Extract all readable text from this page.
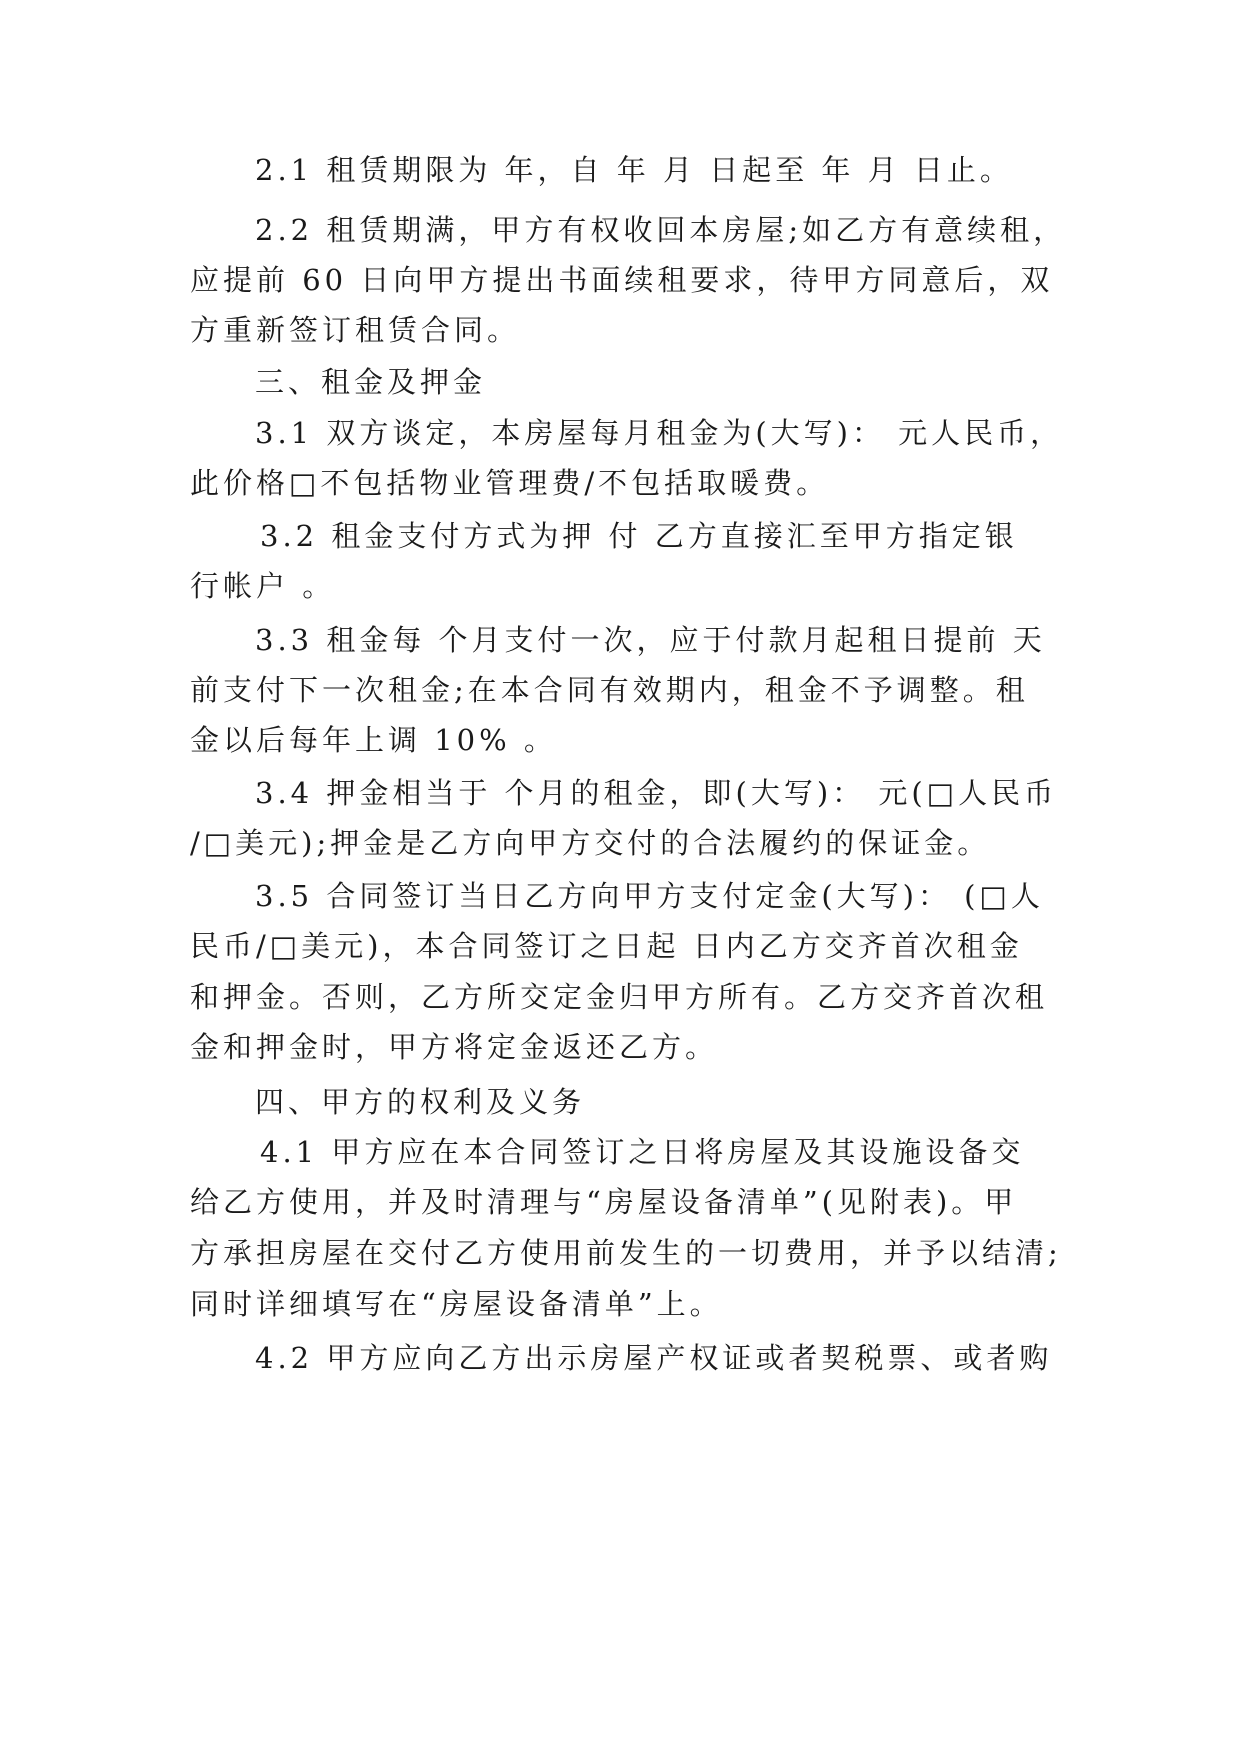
2.1 租赁期限为 年，自 年 月 日起至 年 月 日止。
2.2 租赁期满，甲方有权收回本房屋;如乙方有意续租，
应提前 60 日向甲方提出书面续租要求，待甲方同意后，双
方重新签订租赁合同。
三、租金及押金
3.1 双方谈定，本房屋每月租金为(大写)： 元人民币，
此价格□不包括物业管理费/不包括取暖费。
3.2 租金支付方式为押 付 乙方直接汇至甲方指定银
行帐户 。
3.3 租金每 个月支付一次，应于付款月起租日提前 天
前支付下一次租金;在本合同有效期内，租金不予调整。租
金以后每年上调 10% 。
3.4 押金相当于 个月的租金，即(大写)： 元(□人民币
/□美元);押金是乙方向甲方交付的合法履约的保证金。
3.5 合同签订当日乙方向甲方支付定金(大写)： (□人
民币/□美元)，本合同签订之日起 日内乙方交齐首次租金
和押金。否则，乙方所交定金归甲方所有。乙方交齐首次租
金和押金时，甲方将定金返还乙方。
四、甲方的权利及义务
4.1 甲方应在本合同签订之日将房屋及其设施设备交
给乙方使用，并及时清理与“房屋设备清单”(见附表)。甲
方承担房屋在交付乙方使用前发生的一切费用，并予以结清;
同时详细填写在“房屋设备清单”上。
4.2 甲方应向乙方出示房屋产权证或者契税票、或者购
